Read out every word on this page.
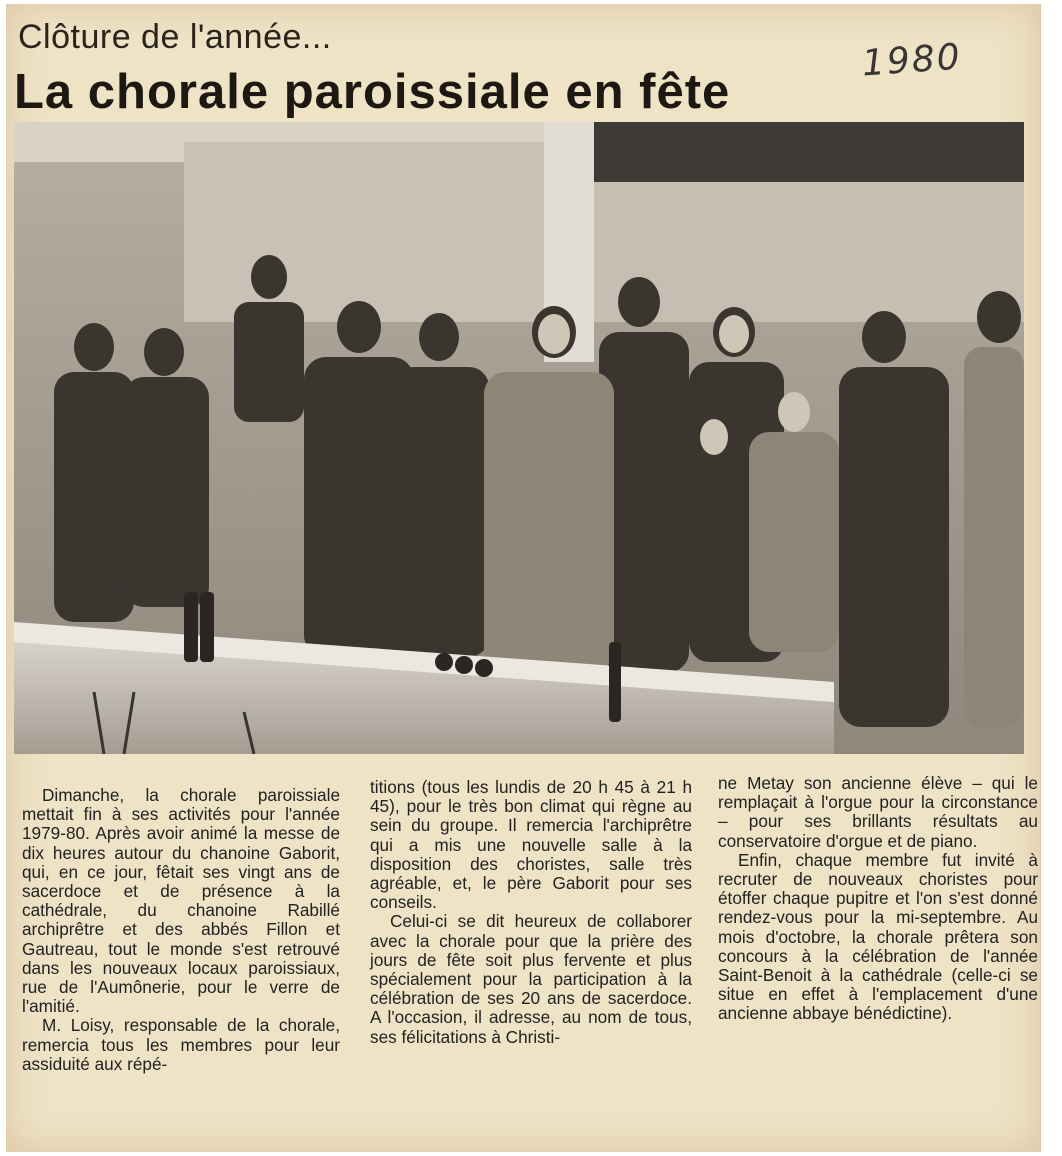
Clôture de l'année...
La chorale paroissiale en fête
1980

Dimanche, la chorale paroissiale mettait fin à ses activités pour l'année 1979-80. Après avoir animé la messe de dix heures autour du chanoine Gaborit, qui, en ce jour, fêtait ses vingt ans de sacerdoce et de présence à la cathédrale, du chanoine Rabillé archiprêtre et des abbés Fillon et Gautreau, tout le monde s'est retrouvé dans les nouveaux locaux paroissiaux, rue de l'Aumônerie, pour le verre de l'amitié.

M. Loisy, responsable de la chorale, remercia tous les membres pour leur assiduité aux répé-

titions (tous les lundis de 20 h 45 à 21 h 45), pour le très bon climat qui règne au sein du groupe. Il remercia l'archiprêtre qui a mis une nouvelle salle à la disposition des choristes, salle très agréable, et, le père Gaborit pour ses conseils.

Celui-ci se dit heureux de collaborer avec la chorale pour que la prière des jours de fête soit plus fervente et plus spécialement pour la participation à la célébration de ses 20 ans de sacerdoce. A l'occasion, il adresse, au nom de tous, ses félicitations à Christi-

ne Metay son ancienne élève – qui le remplaçait à l'orgue pour la circonstance – pour ses brillants résultats au conservatoire d'orgue et de piano.

Enfin, chaque membre fut invité à recruter de nouveaux choristes pour étoffer chaque pupitre et l'on s'est donné rendez-vous pour la mi-septembre. Au mois d'octobre, la chorale prêtera son concours à la célébration de l'année Saint-Benoit à la cathédrale (celle-ci se situe en effet à l'emplacement d'une ancienne abbaye bénédictine).
